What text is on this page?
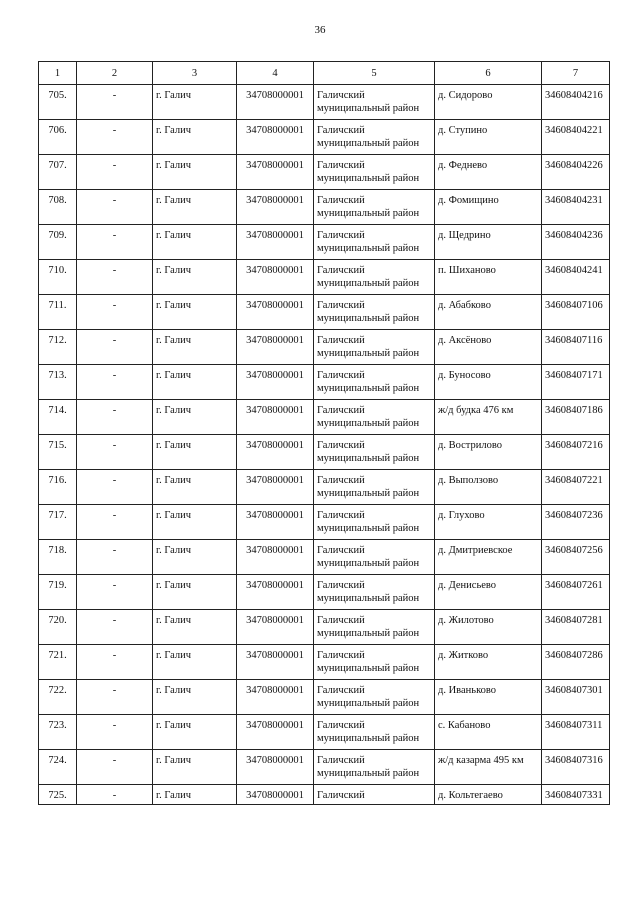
36
1	2	3	4	5	6	7
705.	-	г. Галич	34708000001	Галичский
муниципальный район	д. Сидорово	34608404216
706.	-	г. Галич	34708000001	Галичский
муниципальный район	д. Ступино	34608404221
707.	-	г. Галич	34708000001	Галичский
муниципальный район	д. Феднево	34608404226
708.	-	г. Галич	34708000001	Галичский
муниципальный район	д. Фомищино	34608404231
709.	-	г. Галич	34708000001	Галичский
муниципальный район	д. Щедрино	34608404236
710.	-	г. Галич	34708000001	Галичский
муниципальный район	п. Шиханово	34608404241
711.	-	г. Галич	34708000001	Галичский
муниципальный район	д. Абабково	34608407106
712.	-	г. Галич	34708000001	Галичский
муниципальный район	д. Аксёново	34608407116
713.	-	г. Галич	34708000001	Галичский
муниципальный район	д. Буносово	34608407171
714.	-	г. Галич	34708000001	Галичский
муниципальный район	ж/д будка 476 км	34608407186
715.	-	г. Галич	34708000001	Галичский
муниципальный район	д. Вострилово	34608407216
716.	-	г. Галич	34708000001	Галичский
муниципальный район	д. Выползово	34608407221
717.	-	г. Галич	34708000001	Галичский
муниципальный район	д. Глухово	34608407236
718.	-	г. Галич	34708000001	Галичский
муниципальный район	д. Дмитриевское	34608407256
719.	-	г. Галич	34708000001	Галичский
муниципальный район	д. Денисьево	34608407261
720.	-	г. Галич	34708000001	Галичский
муниципальный район	д. Жилотово	34608407281
721.	-	г. Галич	34708000001	Галичский
муниципальный район	д. Житково	34608407286
722.	-	г. Галич	34708000001	Галичский
муниципальный район	д. Иваньково	34608407301
723.	-	г. Галич	34708000001	Галичский
муниципальный район	с. Кабаново	34608407311
724.	-	г. Галич	34708000001	Галичский
муниципальный район	ж/д казарма 495 км	34608407316
725.	-	г. Галич	34708000001	Галичский	д. Кольтегаево	34608407331
